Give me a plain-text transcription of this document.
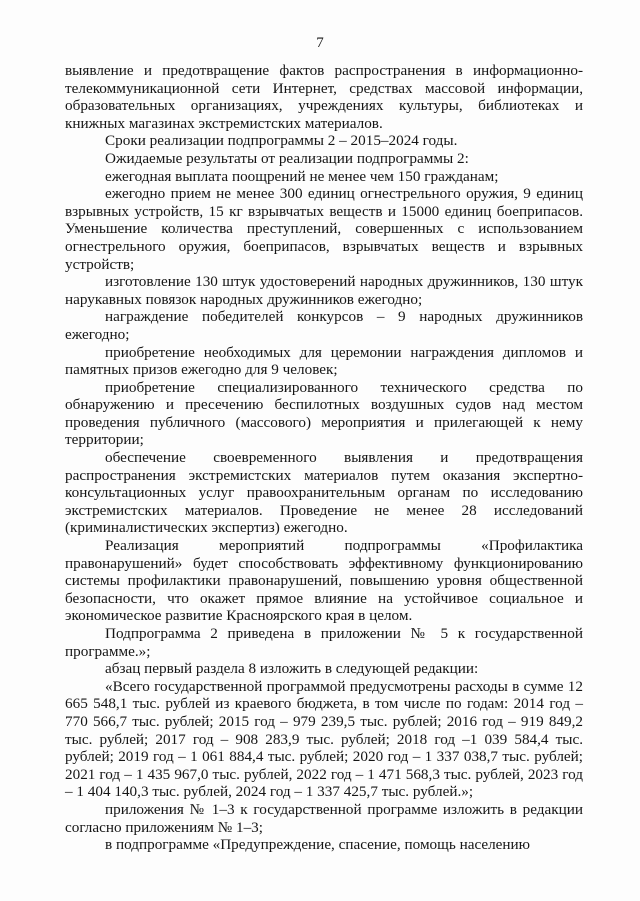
7

выявление и предотвращение фактов распространения в информационно-телекоммуникационной сети Интернет, средствах массовой информации, образовательных организациях, учреждениях культуры, библиотеках и книжных магазинах экстремистских материалов.

Сроки реализации подпрограммы 2 – 2015–2024 годы.

Ожидаемые результаты от реализации подпрограммы 2:

ежегодная выплата поощрений не менее чем 150 гражданам;

ежегодно прием не менее 300 единиц огнестрельного оружия, 9 единиц взрывных устройств, 15 кг взрывчатых веществ и 15000 единиц боеприпасов. Уменьшение количества преступлений, совершенных с использованием огнестрельного оружия, боеприпасов, взрывчатых веществ и взрывных устройств;

изготовление 130 штук удостоверений народных дружинников, 130 штук нарукавных повязок народных дружинников ежегодно;

награждение победителей конкурсов – 9 народных дружинников ежегодно;

приобретение необходимых для церемонии награждения дипломов и памятных призов ежегодно для 9 человек;

приобретение специализированного технического средства по обнаружению и пресечению беспилотных воздушных судов над местом проведения публичного (массового) мероприятия и прилегающей к нему территории;

обеспечение своевременного выявления и предотвращения распространения экстремистских материалов путем оказания экспертно-консультационных услуг правоохранительным органам по исследованию экстремистских материалов. Проведение не менее 28 исследований (криминалистических экспертиз) ежегодно.

Реализация мероприятий подпрограммы «Профилактика правонарушений» будет способствовать эффективному функционированию системы профилактики правонарушений, повышению уровня общественной безопасности, что окажет прямое влияние на устойчивое социальное и экономическое развитие Красноярского края в целом.

Подпрограмма 2 приведена в приложении № 5 к государственной программе.»;

абзац первый раздела 8 изложить в следующей редакции:

«Всего государственной программой предусмотрены расходы в сумме 12 665 548,1 тыс. рублей из краевого бюджета, в том числе по годам: 2014 год – 770 566,7 тыс. рублей; 2015 год – 979 239,5 тыс. рублей; 2016 год – 919 849,2 тыс. рублей; 2017 год – 908 283,9 тыс. рублей; 2018 год –1 039 584,4 тыс. рублей; 2019 год – 1 061 884,4 тыс. рублей; 2020 год – 1 337 038,7 тыс. рублей; 2021 год – 1 435 967,0 тыс. рублей, 2022 год – 1 471 568,3 тыс. рублей, 2023 год – 1 404 140,3 тыс. рублей, 2024 год – 1 337 425,7 тыс. рублей.»;

приложения № 1–3 к государственной программе изложить в редакции согласно приложениям № 1–3;

в подпрограмме «Предупреждение, спасение, помощь населению
